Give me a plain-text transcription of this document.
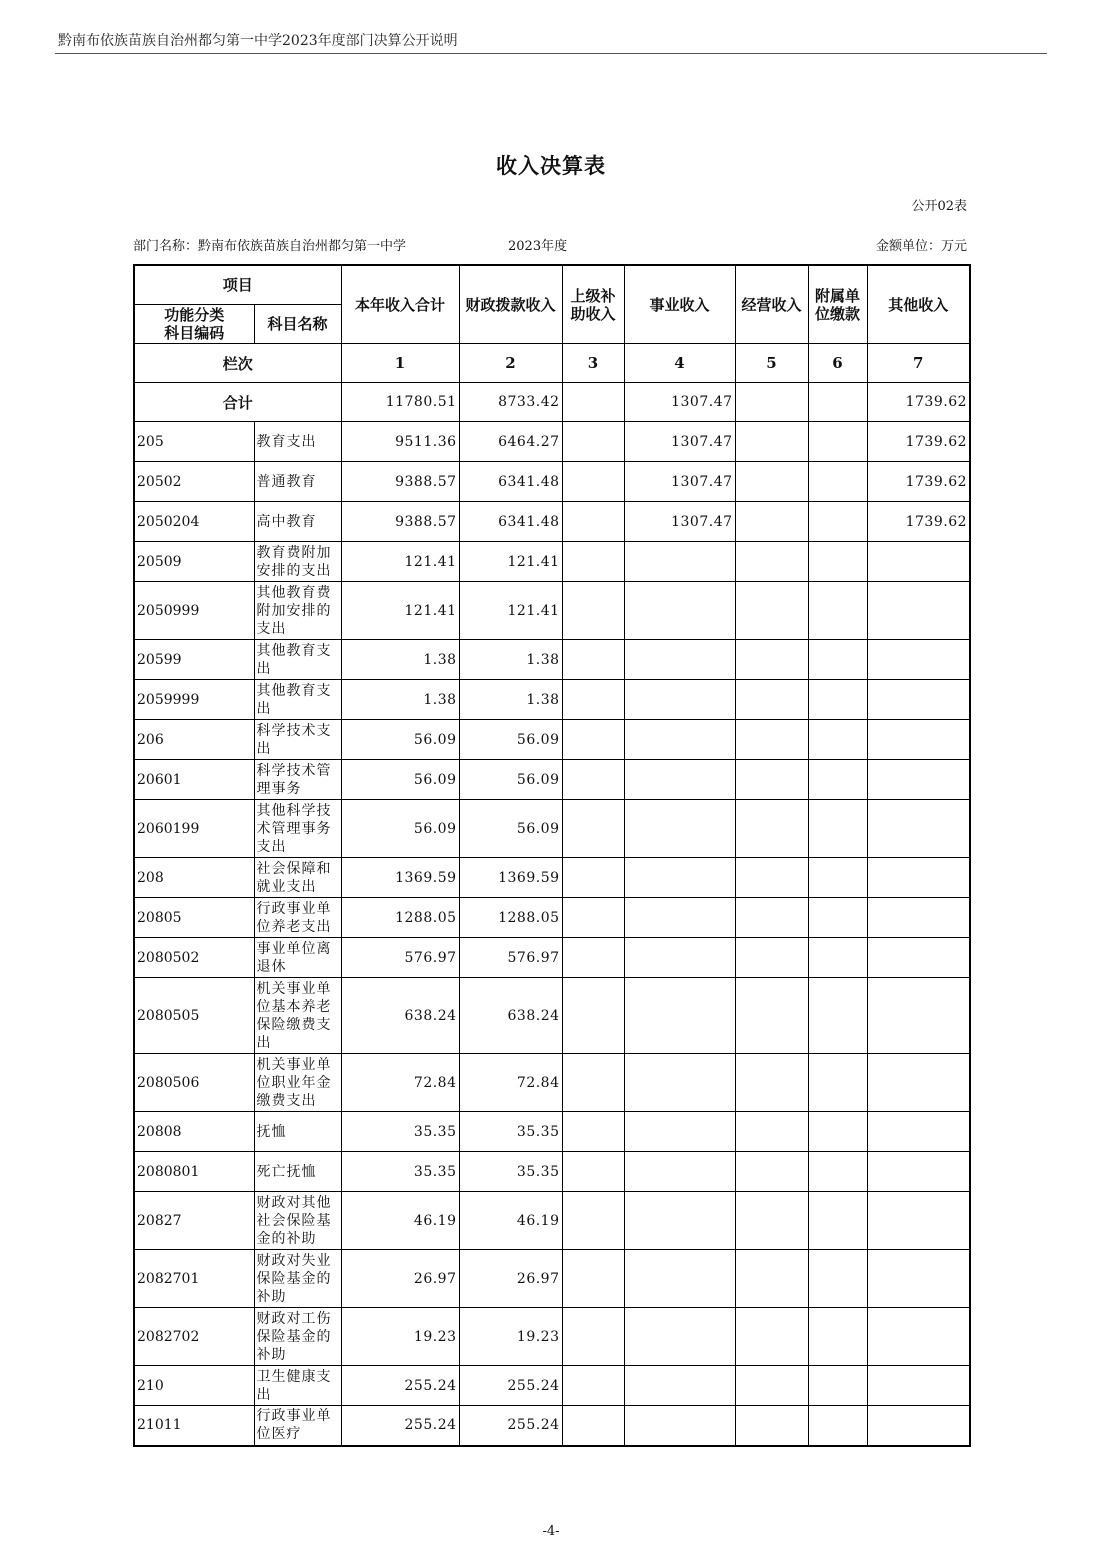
黔南布依族苗族自治州都匀第一中学2023年度部门决算公开说明
收入决算表
公开02表
部门名称：黔南布依族苗族自治州都匀第一中学	2023年度	金额单位：万元
项目		本年收入合计	财政拨款收入	上级补助收入	事业收入	经营收入	附属单位缴款	其他收入
功能分类
科目编码	科目名称							
栏次		1	2	3	4	5	6	7
合计		11780.51	8733.42		1307.47			1739.62
205	教育支出	9511.36	6464.27		1307.47			1739.62
20502	普通教育	9388.57	6341.48		1307.47			1739.62
2050204	高中教育	9388.57	6341.48		1307.47			1739.62
20509	教育费附加安排的支出	121.41	121.41					
2050999	其他教育费附加安排的支出	121.41	121.41					
20599	其他教育支出	1.38	1.38					
2059999	其他教育支出	1.38	1.38					
206	科学技术支出	56.09	56.09					
20601	科学技术管理事务	56.09	56.09					
2060199	其他科学技术管理事务支出	56.09	56.09					
208	社会保障和就业支出	1369.59	1369.59					
20805	行政事业单位养老支出	1288.05	1288.05					
2080502	事业单位离退休	576.97	576.97					
2080505	机关事业单位基本养老保险缴费支出	638.24	638.24					
2080506	机关事业单位职业年金缴费支出	72.84	72.84					
20808	抚恤	35.35	35.35					
2080801	死亡抚恤	35.35	35.35					
20827	财政对其他社会保险基金的补助	46.19	46.19					
2082701	财政对失业保险基金的补助	26.97	26.97					
2082702	财政对工伤保险基金的补助	19.23	19.23					
210	卫生健康支出	255.24	255.24					
21011	行政事业单位医疗	255.24	255.24					
-4-
